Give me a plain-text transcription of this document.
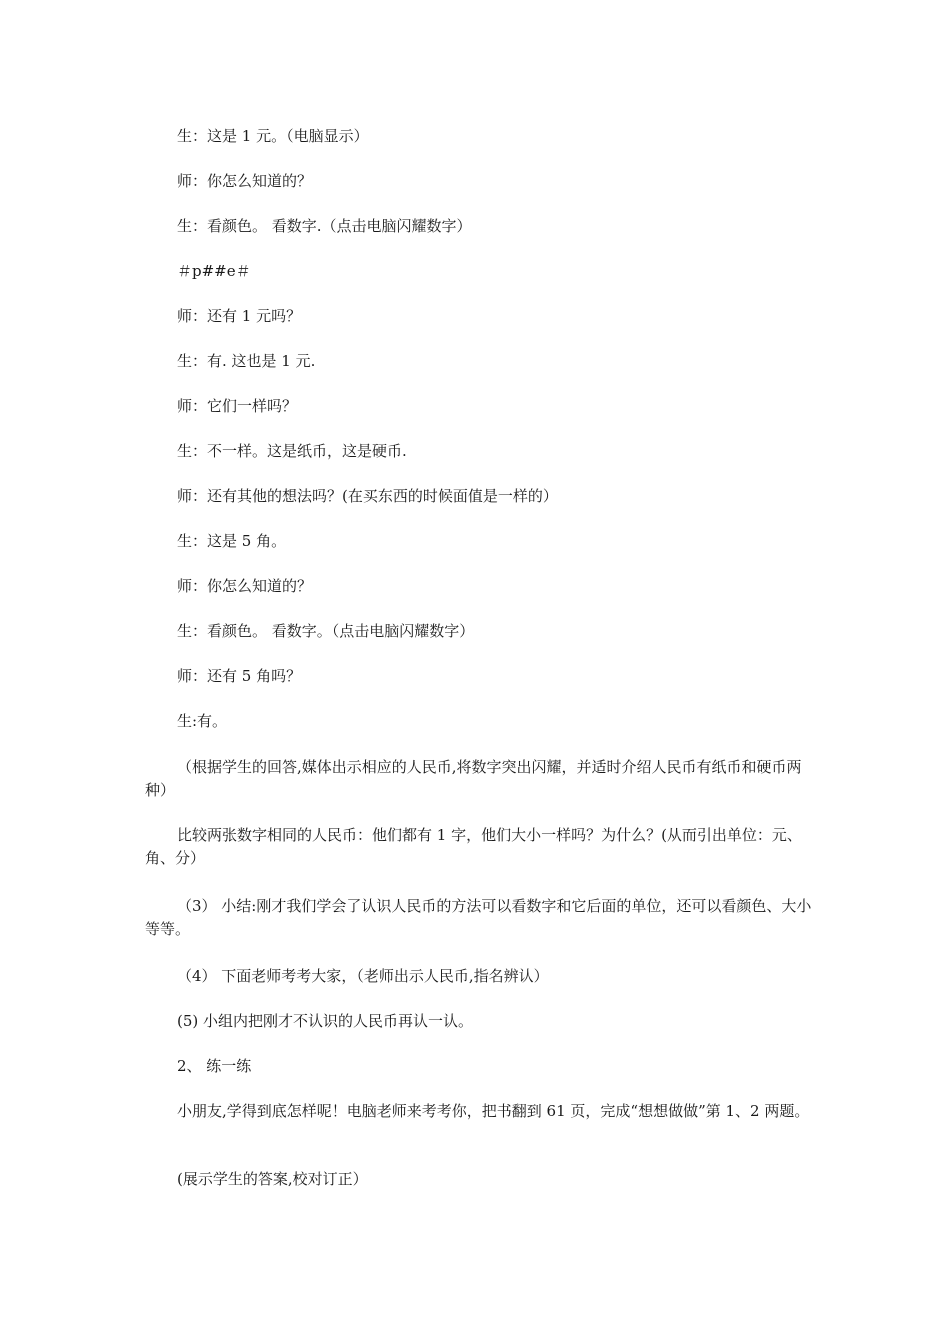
生：这是 1 元。（电脑显示）

师：你怎么知道的？

生：看颜色。 看数字.（点击电脑闪耀数字）

＃p##e＃

师：还有 1 元吗？

生：有. 这也是 1 元.

师：它们一样吗？

生：不一样。这是纸币，这是硬币.

师：还有其他的想法吗？(在买东西的时候面值是一样的）

生：这是 5 角。

师：你怎么知道的？

生：看颜色。 看数字。（点击电脑闪耀数字）

师：还有 5 角吗？

生:有。

（根据学生的回答,媒体出示相应的人民币,将数字突出闪耀，并适时介绍人民币有纸币和硬币两种）

比较两张数字相同的人民币：他们都有 1 字，他们大小一样吗？为什么？(从而引出单位：元、角、分）

（3） 小结:刚才我们学会了认识人民币的方法可以看数字和它后面的单位，还可以看颜色、大小等等。

（4） 下面老师考考大家，（老师出示人民币,指名辨认）

(5) 小组内把刚才不认识的人民币再认一认。

2、 练一练

小朋友,学得到底怎样呢！电脑老师来考考你，把书翻到 61 页，完成“想想做做”第 1、2 两题。

(展示学生的答案,校对订正）
